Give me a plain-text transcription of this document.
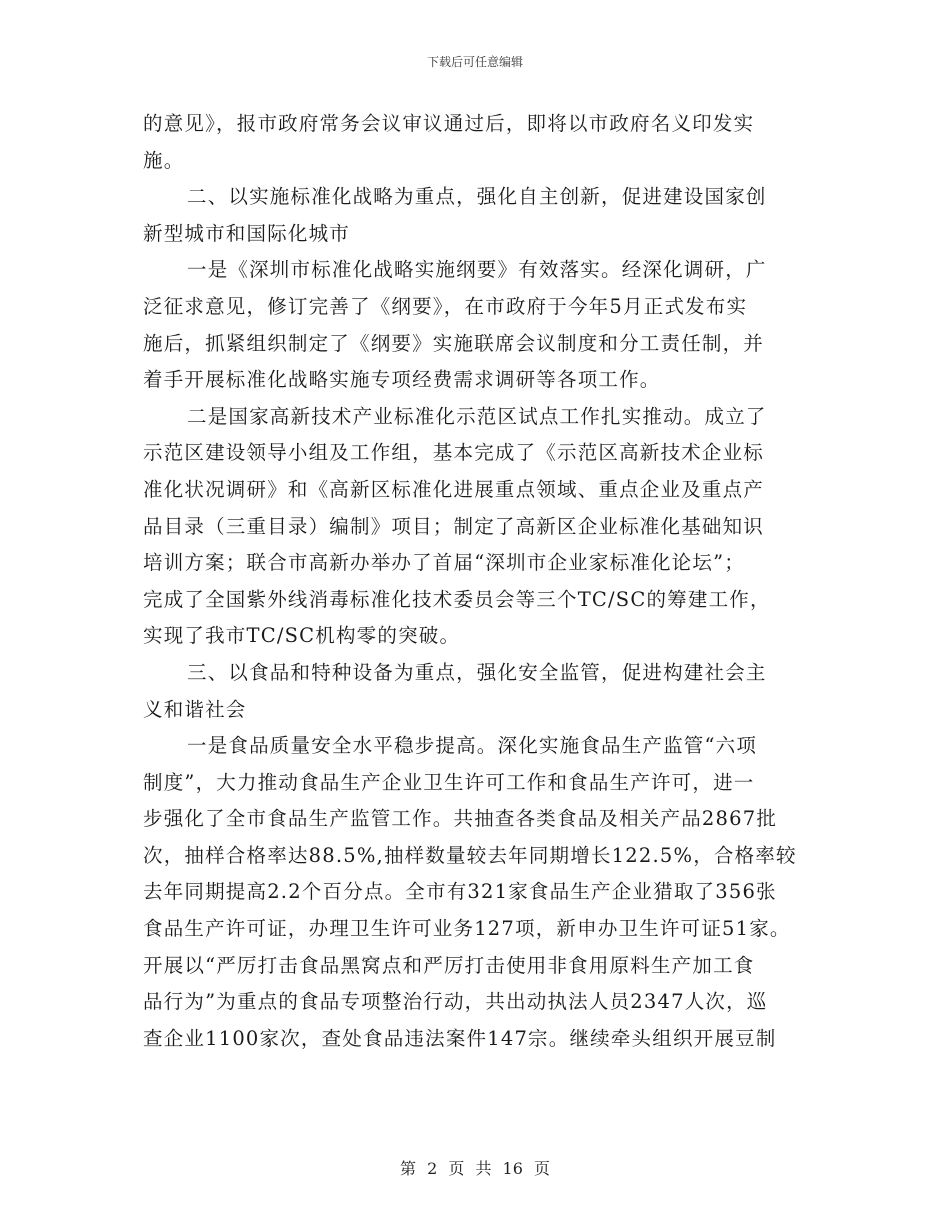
下载后可任意编辑
的意见》，报市政府常务会议审议通过后，即将以市政府名义印发实
施。
二、以实施标准化战略为重点，强化自主创新，促进建设国家创
新型城市和国际化城市
一是《深圳市标准化战略实施纲要》有效落实。经深化调研，广
泛征求意见，修订完善了《纲要》，在市政府于今年5月正式发布实
施后，抓紧组织制定了《纲要》实施联席会议制度和分工责任制，并
着手开展标准化战略实施专项经费需求调研等各项工作。
二是国家高新技术产业标准化示范区试点工作扎实推动。成立了
示范区建设领导小组及工作组，基本完成了《示范区高新技术企业标
准化状况调研》和《高新区标准化进展重点领域、重点企业及重点产
品目录（三重目录）编制》项目；制定了高新区企业标准化基础知识
培训方案；联合市高新办举办了首届“深圳市企业家标准化论坛”；
完成了全国紫外线消毒标准化技术委员会等三个TC/SC的筹建工作，
实现了我市TC/SC机构零的突破。
三、以食品和特种设备为重点，强化安全监管，促进构建社会主
义和谐社会
一是食品质量安全水平稳步提高。深化实施食品生产监管“六项
制度”，大力推动食品生产企业卫生许可工作和食品生产许可，进一
步强化了全市食品生产监管工作。共抽查各类食品及相关产品2867批
次，抽样合格率达88.5%,抽样数量较去年同期增长122.5%，合格率较
去年同期提高2.2个百分点。全市有321家食品生产企业猎取了356张
食品生产许可证，办理卫生许可业务127项，新申办卫生许可证51家。
开展以“严厉打击食品黑窝点和严厉打击使用非食用原料生产加工食
品行为”为重点的食品专项整治行动，共出动执法人员2347人次，巡
查企业1100家次，查处食品违法案件147宗。继续牵头组织开展豆制
第 2 页 共 16 页
